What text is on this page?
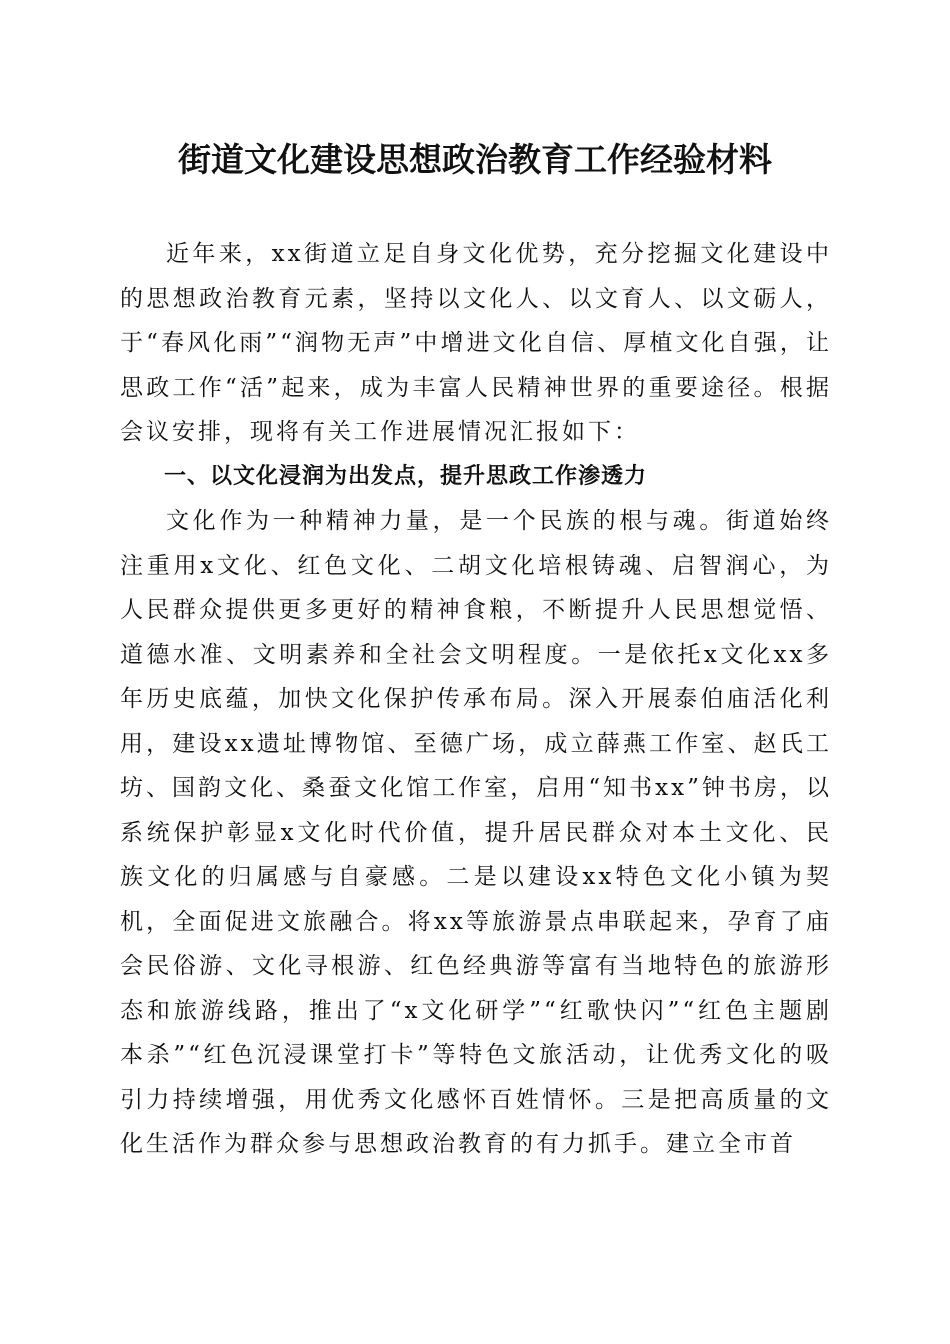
街道文化建设思想政治教育工作经验材料

近年来，xx街道立足自身文化优势，充分挖掘文化建设中的思想政治教育元素，坚持以文化人、以文育人、以文砺人，于“春风化雨”“润物无声”中增进文化自信、厚植文化自强，让思政工作“活”起来，成为丰富人民精神世界的重要途径。根据会议安排，现将有关工作进展情况汇报如下：

一、以文化浸润为出发点，提升思政工作渗透力

文化作为一种精神力量，是一个民族的根与魂。街道始终注重用x文化、红色文化、二胡文化培根铸魂、启智润心，为人民群众提供更多更好的精神食粮，不断提升人民思想觉悟、道德水准、文明素养和全社会文明程度。一是依托x文化xx多年历史底蕴，加快文化保护传承布局。深入开展泰伯庙活化利用，建设xx遗址博物馆、至德广场，成立薛燕工作室、赵氏工坊、国韵文化、桑蚕文化馆工作室，启用“知书xx”钟书房，以系统保护彰显x文化时代价值，提升居民群众对本土文化、民族文化的归属感与自豪感。二是以建设xx特色文化小镇为契机，全面促进文旅融合。将xx等旅游景点串联起来，孕育了庙会民俗游、文化寻根游、红色经典游等富有当地特色的旅游形态和旅游线路，推出了“x文化研学”“红歌快闪”“红色主题剧本杀”“红色沉浸课堂打卡”等特色文旅活动，让优秀文化的吸引力持续增强，用优秀文化感怀百姓情怀。三是把高质量的文化生活作为群众参与思想政治教育的有力抓手。建立全市首
